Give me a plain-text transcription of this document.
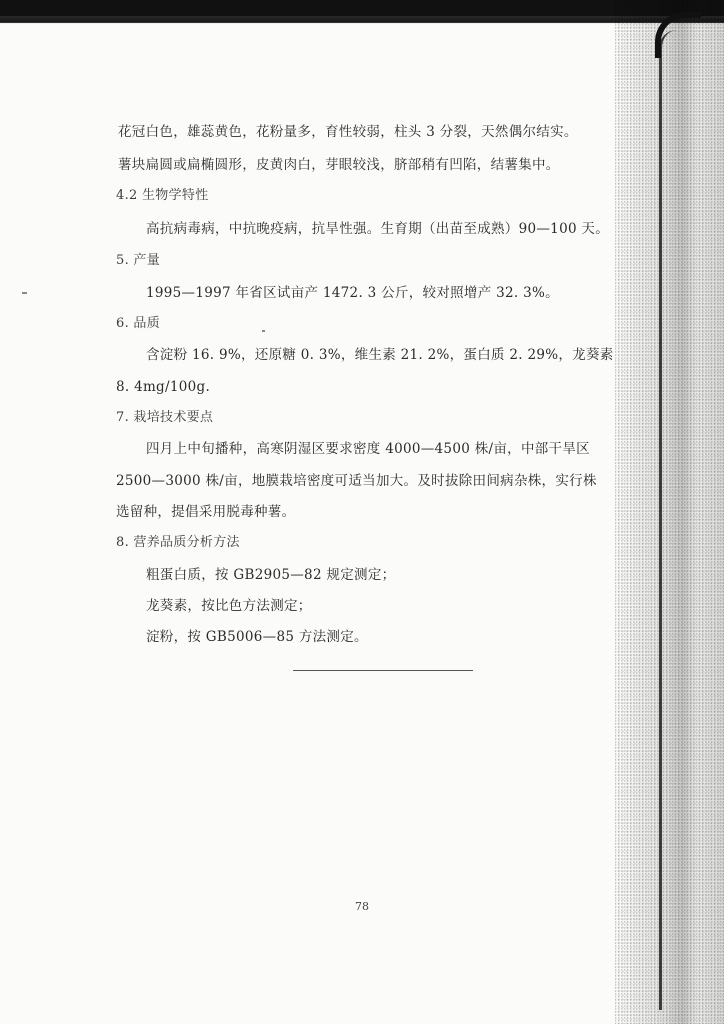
花冠白色，雄蕊黄色，花粉量多，育性较弱，柱头 3 分裂，天然偶尔结实。
薯块扁圆或扁椭圆形，皮黄肉白，芽眼较浅，脐部稍有凹陷，结薯集中。
4.2 生物学特性
高抗病毒病，中抗晚疫病，抗旱性强。生育期（出苗至成熟）90—100 天。
5. 产量
1995—1997 年省区试亩产 1472. 3 公斤，较对照增产 32. 3%。
6. 品质
含淀粉 16. 9%，还原糖 0. 3%，维生素 21. 2%，蛋白质 2. 29%，龙葵素
8. 4mg/100g.
7. 栽培技术要点
四月上中旬播种，高寒阴湿区要求密度 4000—4500 株/亩，中部干旱区
2500—3000 株/亩，地膜栽培密度可适当加大。及时拔除田间病杂株，实行株
选留种，提倡采用脱毒种薯。
8. 营养品质分析方法
粗蛋白质，按 GB2905—82 规定测定；
龙葵素，按比色方法测定；
淀粉，按 GB5006—85 方法测定。
78
